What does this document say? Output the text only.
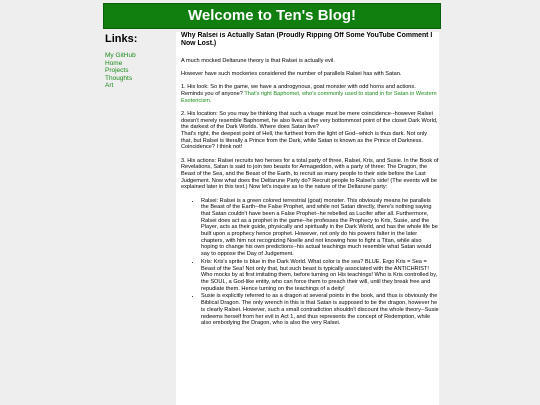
Welcome to Ten's Blog!
Links:
My GitHub
Home
Projects
Thoughts
Art
Why Ralsei is Actually Satan (Proudly Ripping Off Some YouTube Comment I Now Lost.)

A much mocked Deltarune theory is that Ralsei is actually evil.

However have such mockeries considered the number of parallels Ralsei has with Satan.

1. His look: So in the game, we have a androgynous, goat monster with odd horns and actions. Reminds you of anyone? That's right Baphomet, who's commonly used to stand in for Satan in Western Esotericism.

2. His location: So you may be thinking that such a visage must be mere coincidence--however Ralsei doesn't merely resemble Baphomet, he also lives at the very bottommost point of the closet Dark World, the darkest of the Dark Worlds. Where does Satan live?
That's right, the deepest point of Hell, the furthest from the light of God--which is thus dark. Not only that, but Ralsei is literally a Prince from the Dark, while Satan is known as the Prince of Darkness. Coincidence? I think not!

3. His actions: Ralsei recruits two heroes for a total party of three, Ralsei, Kris, and Susie. In the Book of Revelations, Satan is said to join two beasts for Armageddon, with a party of three: The Dragon, the Beast of the Sea, and the Beast of the Earth, to recruit as many people to their side before the Last Judgement. Now what does the Deltarune Party do? Recruit people to Ralsei's side! (The events will be explained later in this text.) Now let's inquire as to the nature of the Deltarune party:

• Ralsei: Ralsei is a green colored terrestrial (goat) monster. This obviously means he parallels the Beast of the Earth--the False Prophet, and while not Satan directly, there's nothing saying that Satan couldn't have been a False Prophet--he rebelled as Lucifer after all. Furthermore, Ralsei does act as a prophet in the game--he professes the Prophecy to Kris, Susie, and the Player, acts as their guide, physically and spiritually in the Dark World, and has the whole life be built upon a prophecy hence prophet. However, not only do his powers falter in the later chapters, with him not recognizing Noelle and not knowing how to fight a Titan, while also hoping to change his own predictions--his actual teachings much resemble what Satan would say to oppose the Day of Judgement.
• Kris: Kris's sprite is blue in the Dark World. What color is the sea? BLUE. Ergo Kris = Sea = Beast of the Sea! Not only that, but such beast is typically associated with the ANTICHRIST! Who mocks by at first imitating them, before turning on His teachings! Who is Kris controlled by, the SOUL, a God-like entity, who can force them to preach their will, until they break free and repudiate them. Hence turning on the teachings of a deity!
• Susie is explicitly referred to as a dragon at several points in the book, and thus is obviously the Biblical Dragon. The only wrench in this is that Satan is supposed to be the dragon, however he is clearly Ralsei. However, such a small contradiction shouldn't discount the whole theory--Susie redeems herself from her evil in Act 1, and thus represents the concept of Redemption, while also embodying the Dragon, who is also the very Ralsei.
